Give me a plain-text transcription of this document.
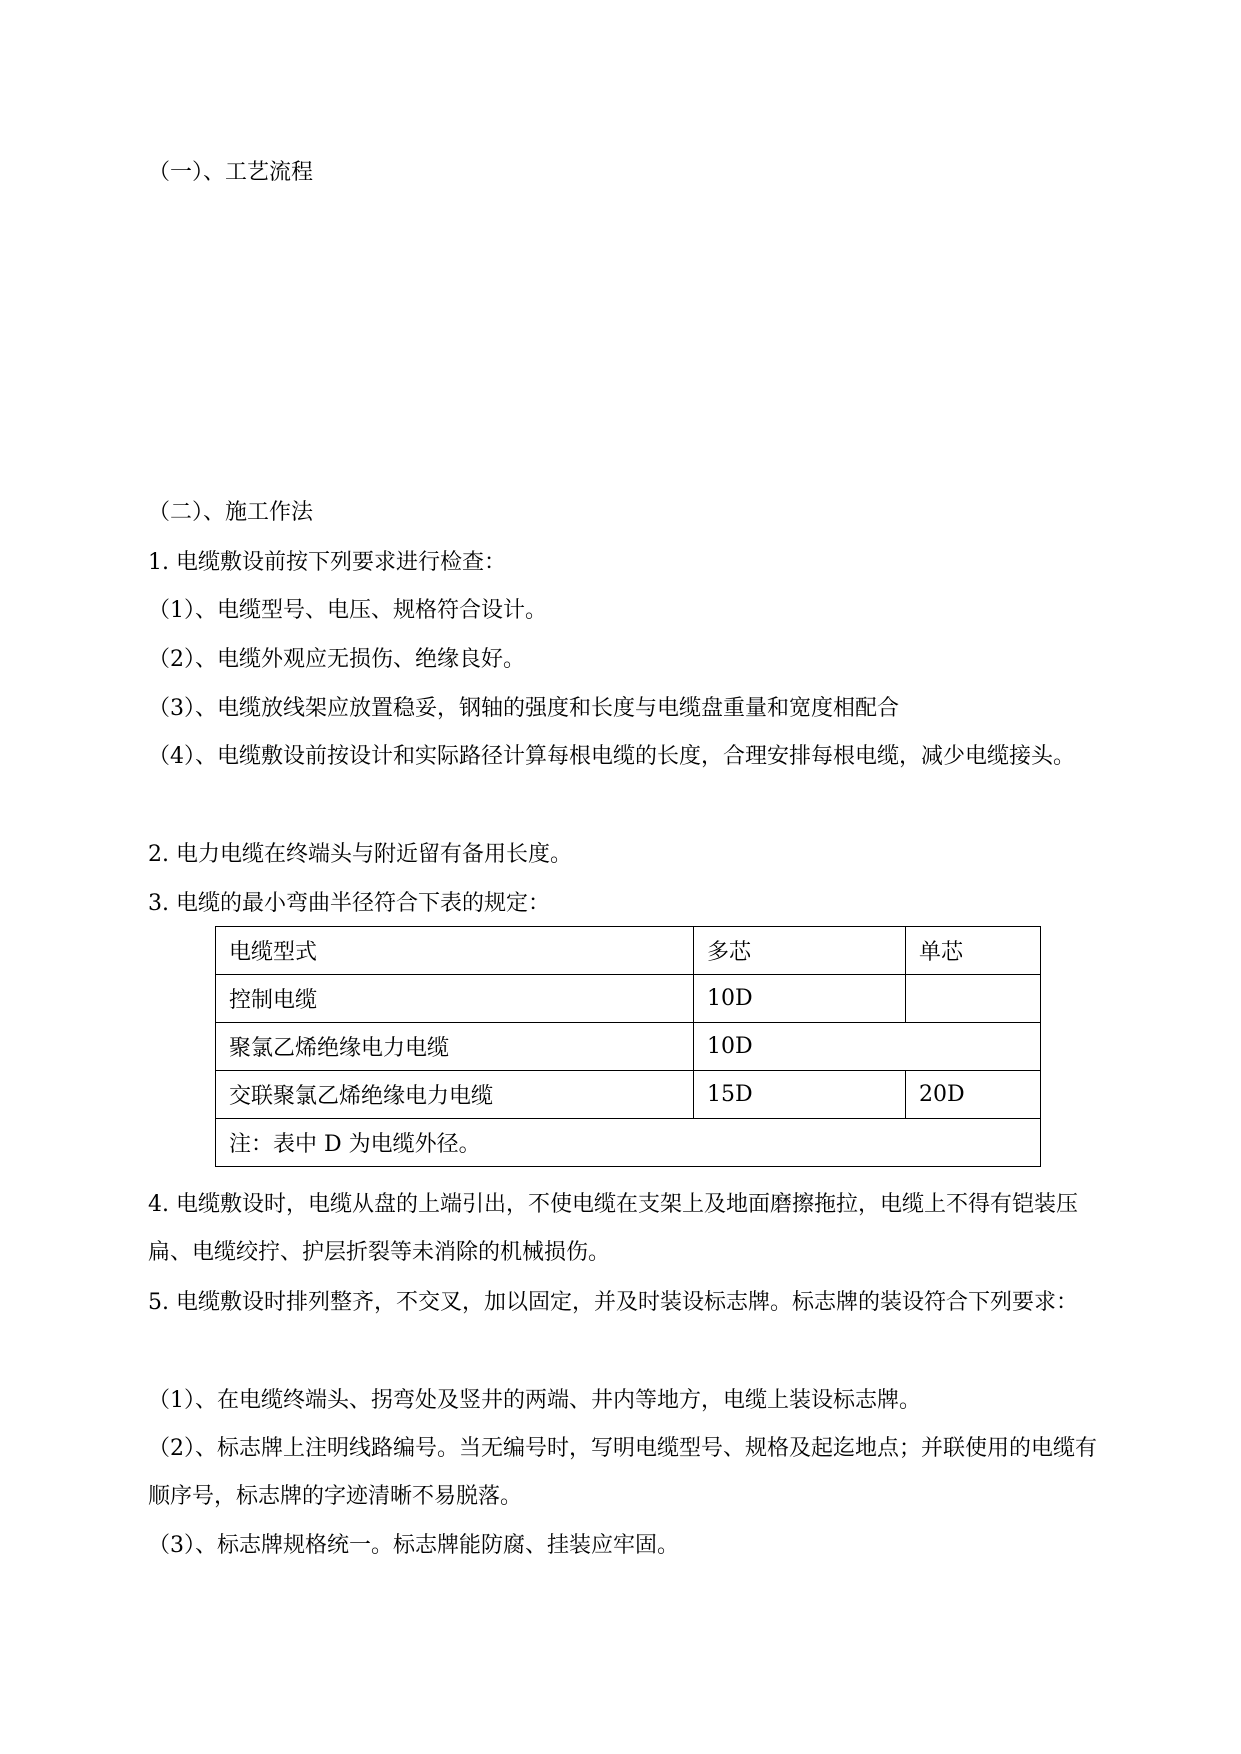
（一）、工艺流程
（二）、施工作法
1. 电缆敷设前按下列要求进行检查：
（1）、电缆型号、电压、规格符合设计。
（2）、电缆外观应无损伤、绝缘良好。
（3）、电缆放线架应放置稳妥，钢轴的强度和长度与电缆盘重量和宽度相配合
（4）、电缆敷设前按设计和实际路径计算每根电缆的长度，合理安排每根电缆，减少电缆接头。
2. 电力电缆在终端头与附近留有备用长度。
3. 电缆的最小弯曲半径符合下表的规定：
电缆型式	多芯	单芯
控制电缆	10D	
聚氯乙烯绝缘电力电缆	10D	
交联聚氯乙烯绝缘电力电缆	15D	20D
注：表中 D 为电缆外径。		
4. 电缆敷设时，电缆从盘的上端引出，不使电缆在支架上及地面磨擦拖拉，电缆上不得有铠装压扁、电缆绞拧、护层折裂等未消除的机械损伤。
5. 电缆敷设时排列整齐，不交叉，加以固定，并及时装设标志牌。标志牌的装设符合下列要求：
（1）、在电缆终端头、拐弯处及竖井的两端、井内等地方，电缆上装设标志牌。
（2）、标志牌上注明线路编号。当无编号时，写明电缆型号、规格及起迄地点；并联使用的电缆有顺序号，标志牌的字迹清晰不易脱落。
（3）、标志牌规格统一。标志牌能防腐、挂装应牢固。
